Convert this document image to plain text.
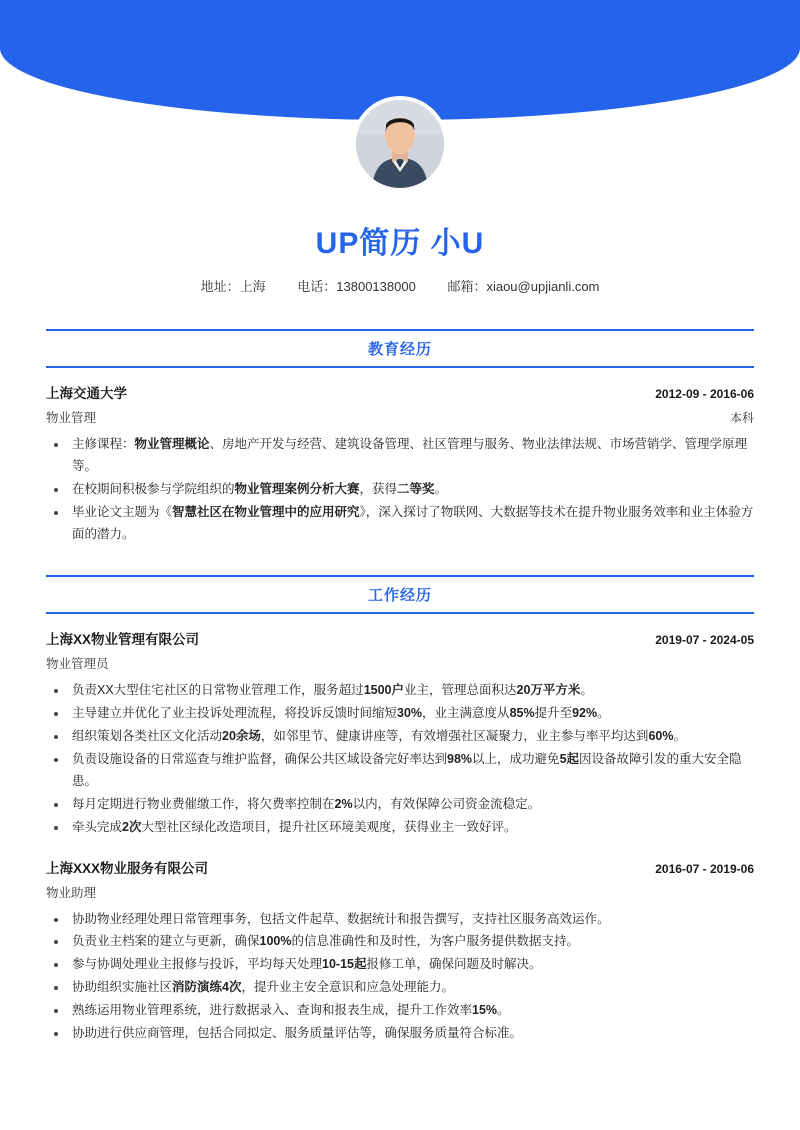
UP简历 小U
地址：上海 电话：13800138000 邮箱：xiaou@upjianli.com
教育经历
上海交通大学	2012-09 - 2016-06
物业管理	本科
• 主修课程：物业管理概论、房地产开发与经营、建筑设备管理、社区管理与服务、物业法律法规、市场营销学、管理学原理等。
• 在校期间积极参与学院组织的物业管理案例分析大赛，获得二等奖。
• 毕业论文主题为《智慧社区在物业管理中的应用研究》，深入探讨了物联网、大数据等技术在提升物业服务效率和业主体验方面的潜力。
工作经历
上海XX物业管理有限公司	2019-07 - 2024-05
物业管理员
• 负责XX大型住宅社区的日常物业管理工作，服务超过1500户业主，管理总面积达20万平方米。
• 主导建立并优化了业主投诉处理流程，将投诉反馈时间缩短30%，业主满意度从85%提升至92%。
• 组织策划各类社区文化活动20余场，如邻里节、健康讲座等，有效增强社区凝聚力，业主参与率平均达到60%。
• 负责设施设备的日常巡查与维护监督，确保公共区域设备完好率达到98%以上，成功避免5起因设备故障引发的重大安全隐患。
• 每月定期进行物业费催缴工作，将欠费率控制在2%以内，有效保障公司资金流稳定。
• 牵头完成2次大型社区绿化改造项目，提升社区环境美观度，获得业主一致好评。
上海XXX物业服务有限公司	2016-07 - 2019-06
物业助理
• 协助物业经理处理日常管理事务，包括文件起草、数据统计和报告撰写，支持社区服务高效运作。
• 负责业主档案的建立与更新，确保100%的信息准确性和及时性，为客户服务提供数据支持。
• 参与协调处理业主报修与投诉，平均每天处理10-15起报修工单，确保问题及时解决。
• 协助组织实施社区消防演练4次，提升业主安全意识和应急处理能力。
• 熟练运用物业管理系统，进行数据录入、查询和报表生成，提升工作效率15%。
• 协助进行供应商管理，包括合同拟定、服务质量评估等，确保服务质量符合标准。
